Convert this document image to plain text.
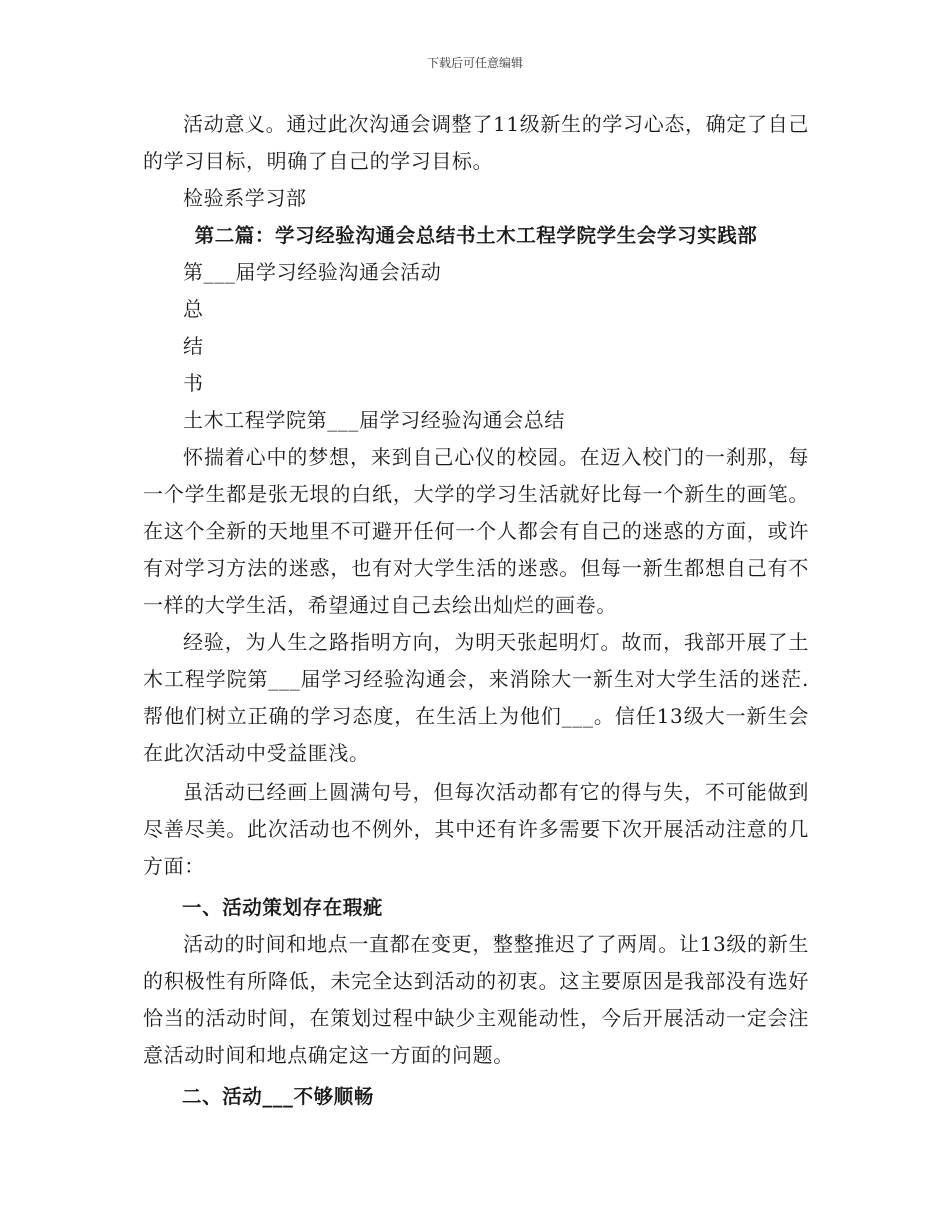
下载后可任意编辑

活动意义。通过此次沟通会调整了11级新生的学习心态，确定了自己的学习目标，明确了自己的学习目标。

检验系学习部

第二篇：学习经验沟通会总结书土木工程学院学生会学习实践部

第___届学习经验沟通会活动

总

结

书

土木工程学院第___届学习经验沟通会总结

怀揣着心中的梦想，来到自己心仪的校园。在迈入校门的一刹那，每一个学生都是张无垠的白纸，大学的学习生活就好比每一个新生的画笔。在这个全新的天地里不可避开任何一个人都会有自己的迷惑的方面，或许有对学习方法的迷惑，也有对大学生活的迷惑。但每一新生都想自己有不一样的大学生活，希望通过自己去绘出灿烂的画卷。

经验，为人生之路指明方向，为明天张起明灯。故而，我部开展了土木工程学院第___届学习经验沟通会，来消除大一新生对大学生活的迷茫. 帮他们树立正确的学习态度，在生活上为他们___。信任13级大一新生会在此次活动中受益匪浅。

虽活动已经画上圆满句号，但每次活动都有它的得与失，不可能做到尽善尽美。此次活动也不例外，其中还有许多需要下次开展活动注意的几方面：

一、活动策划存在瑕疵

活动的时间和地点一直都在变更，整整推迟了了两周。让13级的新生的积极性有所降低，未完全达到活动的初衷。这主要原因是我部没有选好恰当的活动时间，在策划过程中缺少主观能动性，今后开展活动一定会注意活动时间和地点确定这一方面的问题。

二、活动___不够顺畅
